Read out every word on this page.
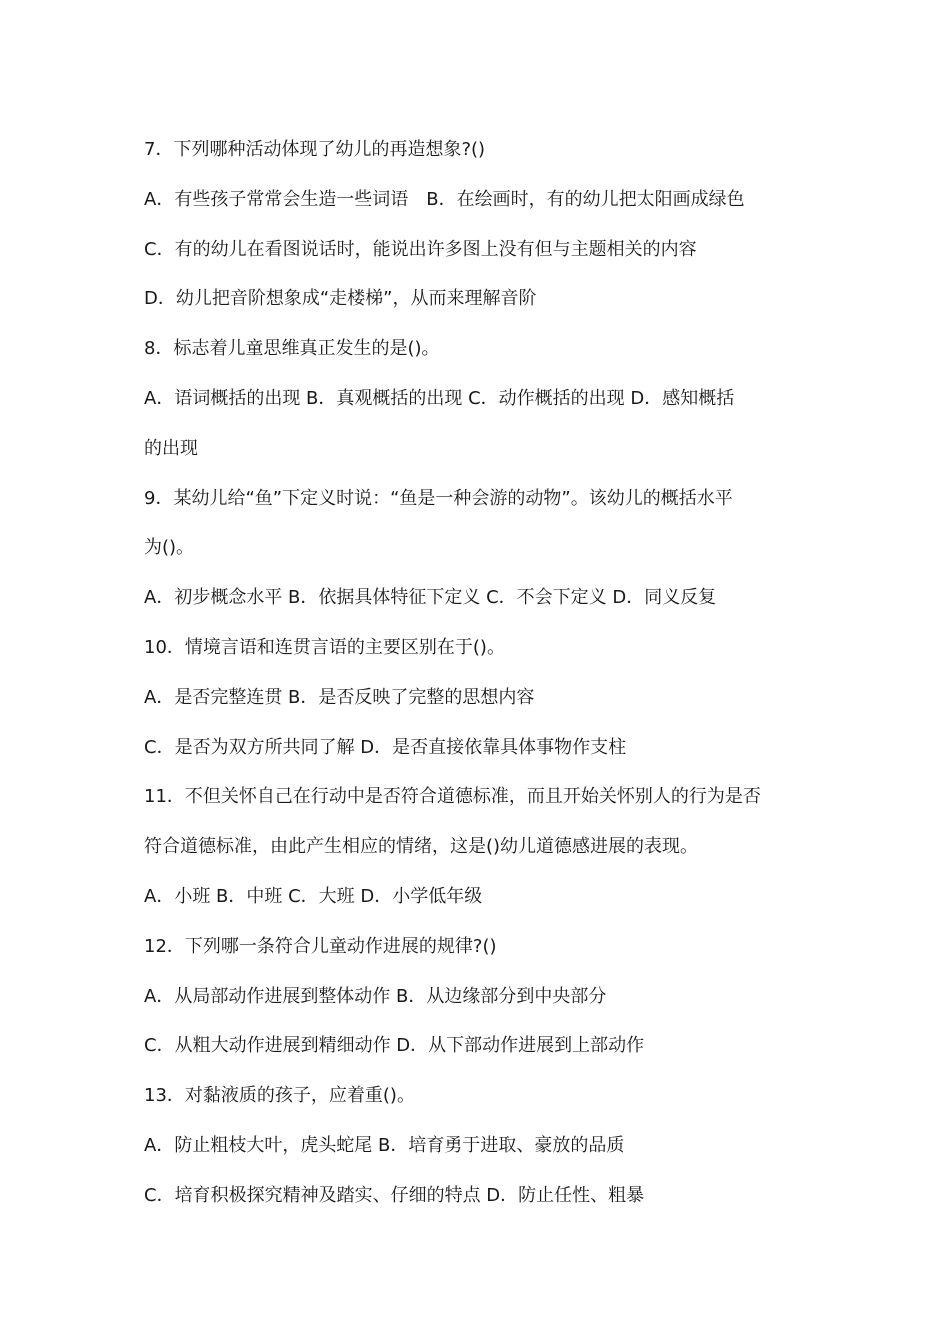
7．下列哪种活动体现了幼儿的再造想象?()

A．有些孩子常常会生造一些词语　B．在绘画时，有的幼儿把太阳画成绿色

C．有的幼儿在看图说话时，能说出许多图上没有但与主题相关的内容

D．幼儿把音阶想象成“走楼梯”，从而来理解音阶

8．标志着儿童思维真正发生的是()。

A．语词概括的出现 B．真观概括的出现 C．动作概括的出现 D．感知概括

的出现

9．某幼儿给“鱼”下定义时说：“鱼是一种会游的动物”。该幼儿的概括水平

为()。

A．初步概念水平 B．依据具体特征下定义 C．不会下定义 D．同义反复

10．情境言语和连贯言语的主要区别在于()。

A．是否完整连贯 B．是否反映了完整的思想内容

C．是否为双方所共同了解 D．是否直接依靠具体事物作支柱

11．不但关怀自己在行动中是否符合道德标准，而且开始关怀别人的行为是否

符合道德标准，由此产生相应的情绪，这是()幼儿道德感进展的表现。

A．小班 B．中班 C．大班 D．小学低年级

12．下列哪一条符合儿童动作进展的规律?()

A．从局部动作进展到整体动作 B．从边缘部分到中央部分

C．从粗大动作进展到精细动作 D．从下部动作进展到上部动作

13．对黏液质的孩子，应着重()。

A．防止粗枝大叶，虎头蛇尾 B．培育勇于进取、豪放的品质

C．培育积极探究精神及踏实、仔细的特点 D．防止任性、粗暴
